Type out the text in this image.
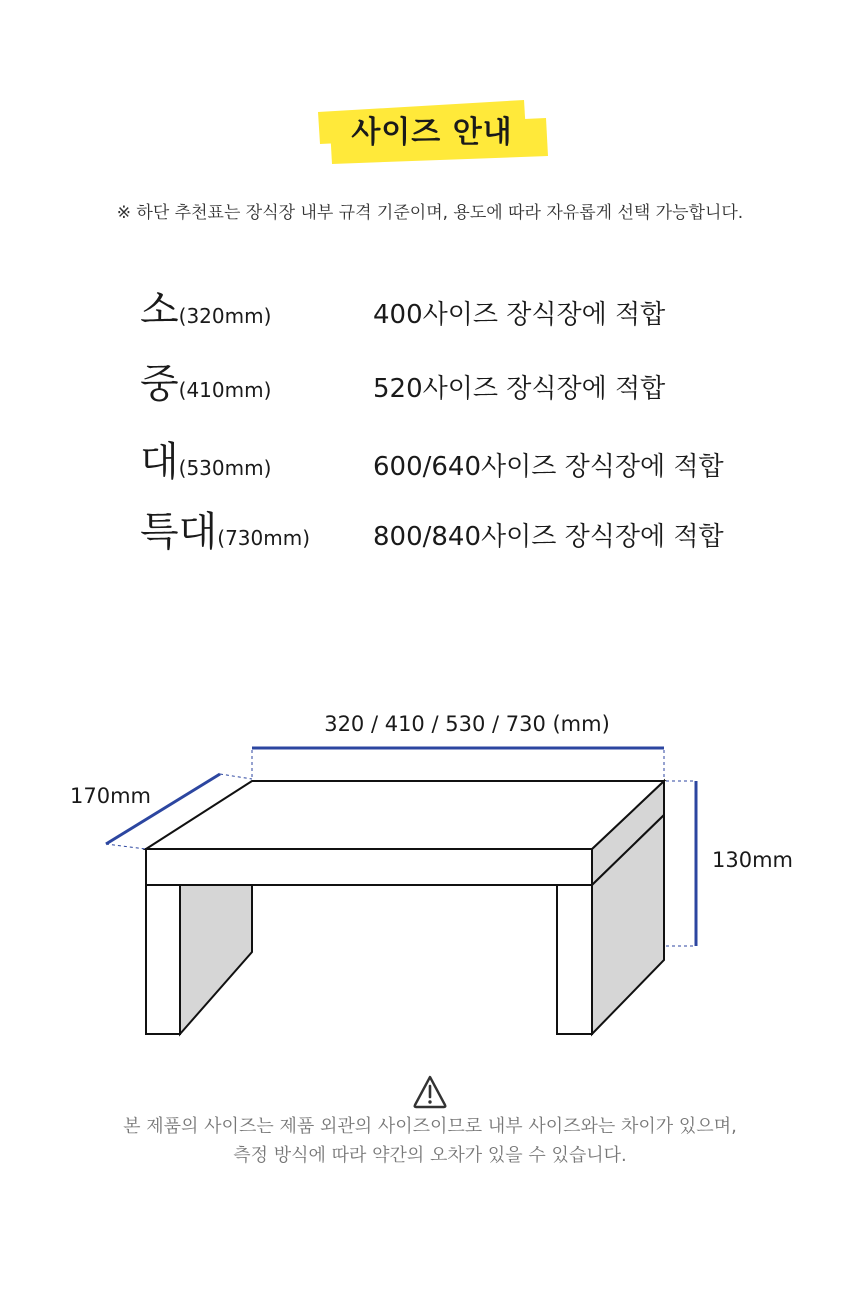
사이즈 안내
※ 하단 추천표는 장식장 내부 규격 기준이며, 용도에 따라 자유롭게 선택 가능합니다.
소(320mm)	400사이즈 장식장에 적합
중(410mm)	520사이즈 장식장에 적합
대(530mm)	600/640사이즈 장식장에 적합
특대(730mm) 800/840사이즈 장식장에 적합
320 / 410 / 530 / 730 (mm)
170mm
130mm
본 제품의 사이즈는 제품 외관의 사이즈이므로 내부 사이즈와는 차이가 있으며,
측정 방식에 따라 약간의 오차가 있을 수 있습니다.
